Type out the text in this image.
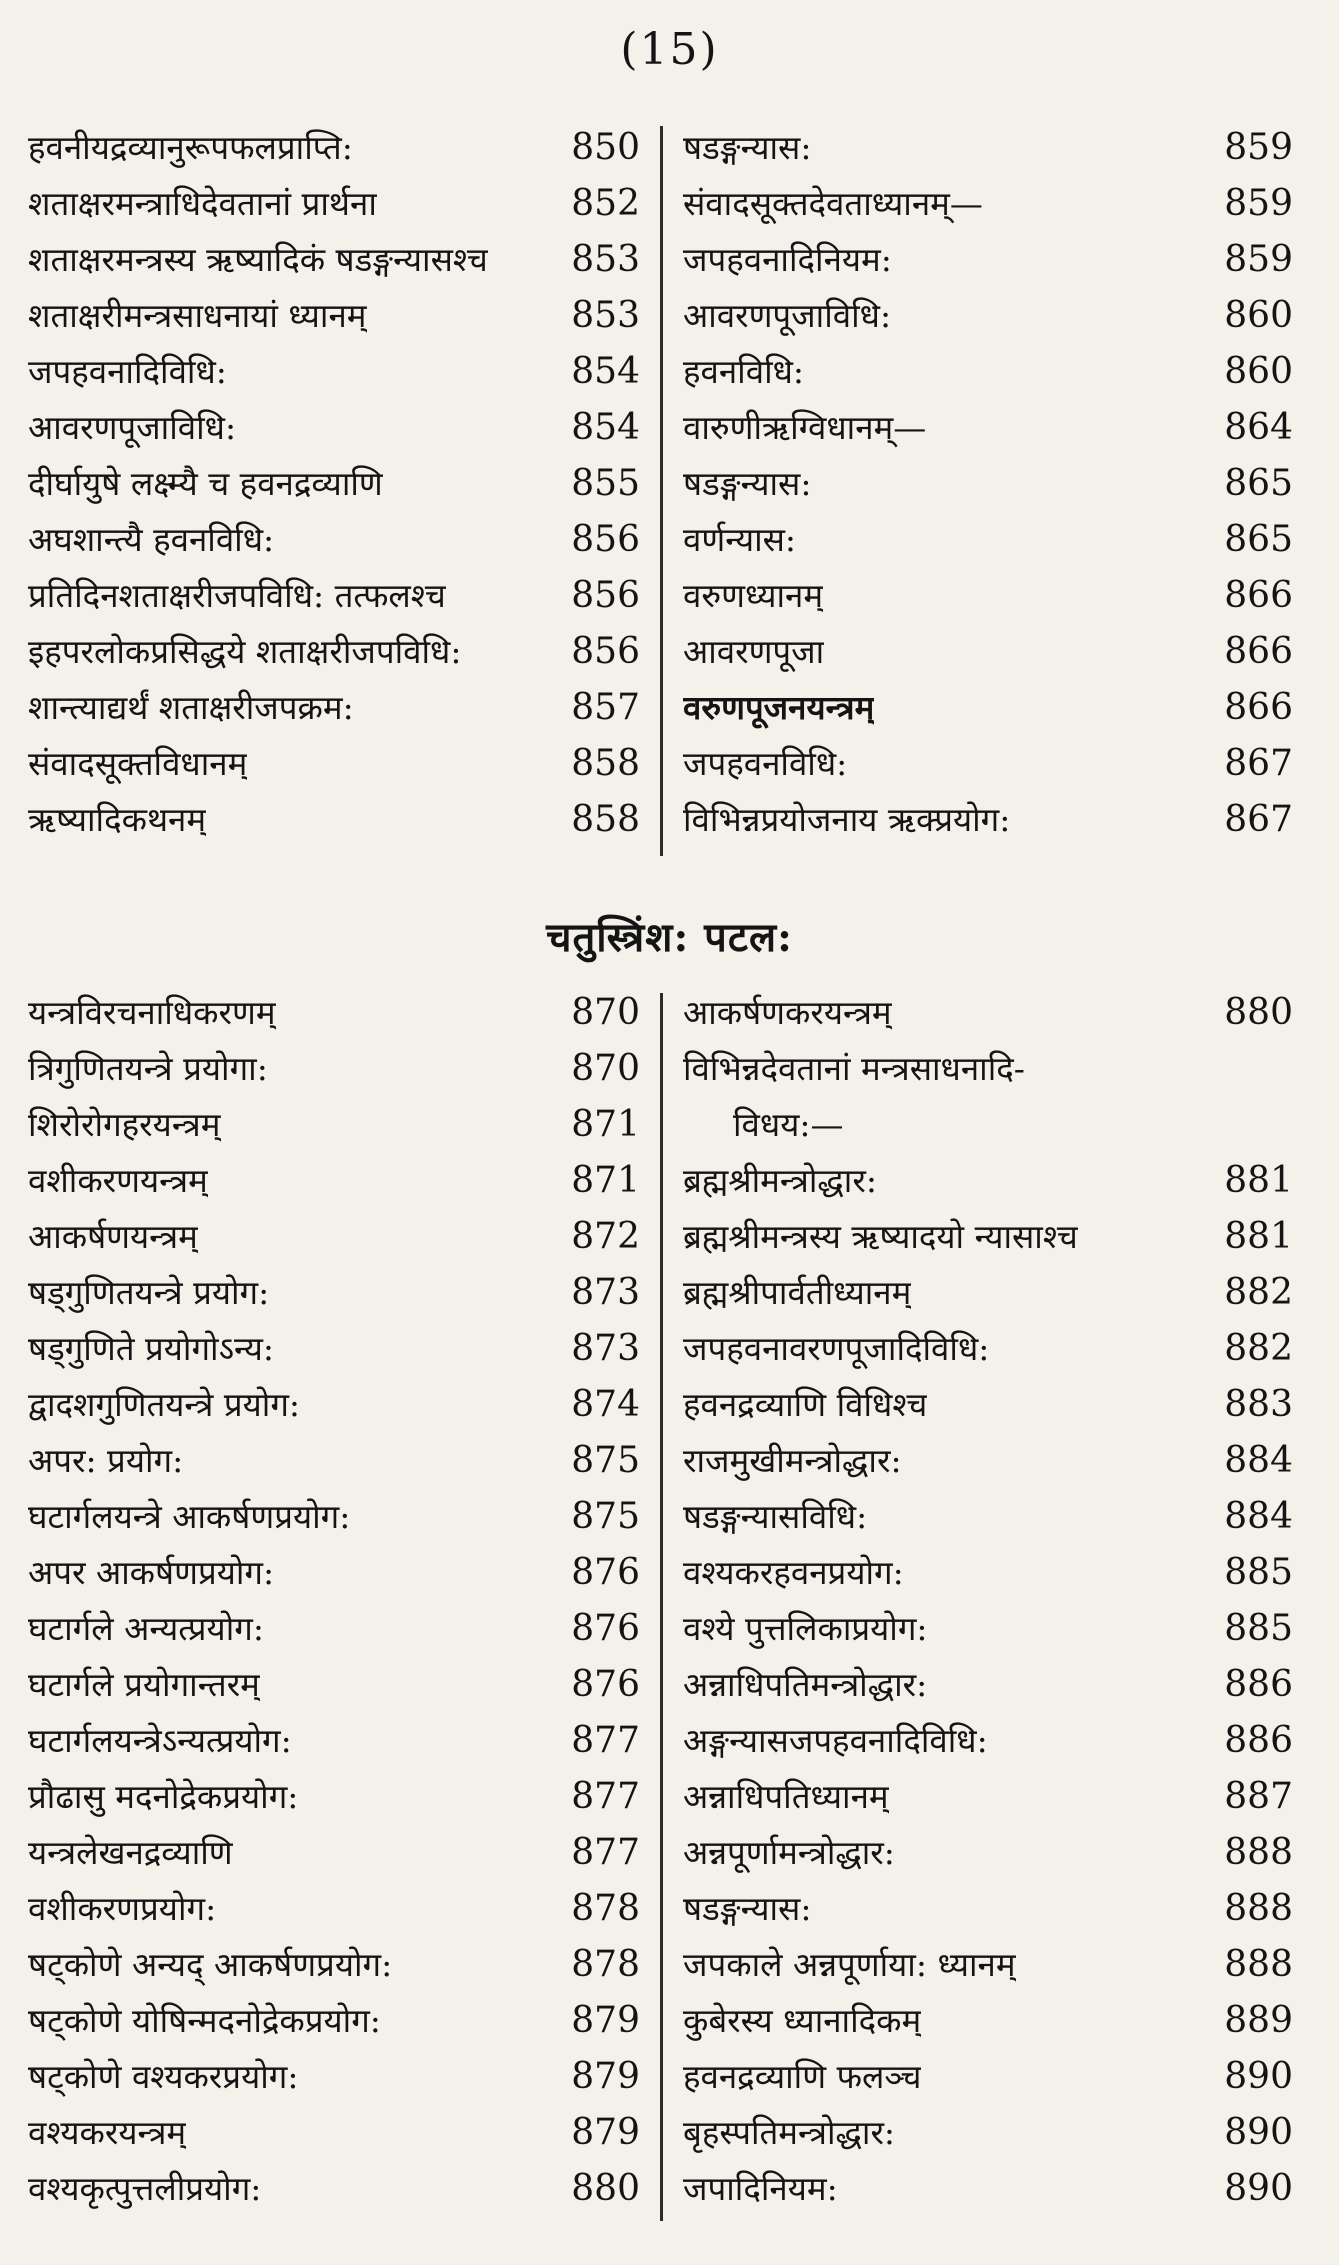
(15)
हवनीयद्रव्यानुरूपफलप्राप्ति:	850
शताक्षरमन्त्राधिदेवतानां प्रार्थना	852
शताक्षरमन्त्रस्य ऋष्यादिकं षडङ्गन्यासश्च 853
शताक्षरीमन्त्रसाधनायां ध्यानम्	853
जपहवनादिविधि:	854
आवरणपूजाविधि:	854
दीर्घायुषे लक्ष्म्यै च हवनद्रव्याणि	855
अघशान्त्यै हवनविधि:	856
प्रतिदिनशताक्षरीजपविधि: तत्फलश्च	856
इहपरलोकप्रसिद्धये शताक्षरीजपविधि:	856
शान्त्याद्यर्थं शताक्षरीजपक्रम:	857
संवादसूक्तविधानम्	858
ऋष्यादिकथनम्	858
षडङ्गन्यास:	859
संवादसूक्तदेवताध्यानम्—	859
जपहवनादिनियम:	859
आवरणपूजाविधि:	860
हवनविधि:	860
वारुणीऋग्विधानम्—	864
षडङ्गन्यास:	865
वर्णन्यास:	865
वरुणध्यानम्	866
आवरणपूजा	866
वरुणपूजनयन्त्रम्	866
जपहवनविधि:	867
विभिन्नप्रयोजनाय ऋक्प्रयोग:	867
चतुस्त्रिंश: पटल:
यन्त्रविरचनाधिकरणम्	870
त्रिगुणितयन्त्रे प्रयोगा:	870
शिरोरोगहरयन्त्रम्	871
वशीकरणयन्त्रम्	871
आकर्षणयन्त्रम्	872
षड्गुणितयन्त्रे प्रयोग:	873
षड्गुणिते प्रयोगोऽन्य:	873
द्वादशगुणितयन्त्रे प्रयोग:	874
अपर: प्रयोग:	875
घटार्गलयन्त्रे आकर्षणप्रयोग:	875
अपर आकर्षणप्रयोग:	876
घटार्गले अन्यत्प्रयोग:	876
घटार्गले प्रयोगान्तरम्	876
घटार्गलयन्त्रेऽन्यत्प्रयोग:	877
प्रौढासु मदनोद्रेकप्रयोग:	877
यन्त्रलेखनद्रव्याणि	877
वशीकरणप्रयोग:	878
षट्कोणे अन्यद् आकर्षणप्रयोग:	878
षट्कोणे योषिन्मदनोद्रेकप्रयोग:	879
षट्कोणे वश्यकरप्रयोग:	879
वश्यकरयन्त्रम्	879
वश्यकृत्पुत्तलीप्रयोग:	880
आकर्षणकरयन्त्रम्	880
विभिन्नदेवतानां मन्त्रसाधनादि-
विधय:—
ब्रह्मश्रीमन्त्रोद्धार:	881
ब्रह्मश्रीमन्त्रस्य ऋष्यादयो न्यासाश्च	881
ब्रह्मश्रीपार्वतीध्यानम्	882
जपहवनावरणपूजादिविधि:	882
हवनद्रव्याणि विधिश्च	883
राजमुखीमन्त्रोद्धार:	884
षडङ्गन्यासविधि:	884
वश्यकरहवनप्रयोग:	885
वश्ये पुत्तलिकाप्रयोग:	885
अन्नाधिपतिमन्त्रोद्धार:	886
अङ्गन्यासजपहवनादिविधि:	886
अन्नाधिपतिध्यानम्	887
अन्नपूर्णामन्त्रोद्धार:	888
षडङ्गन्यास:	888
जपकाले अन्नपूर्णाया: ध्यानम्	888
कुबेरस्य ध्यानादिकम्	889
हवनद्रव्याणि फलञ्च	890
बृहस्पतिमन्त्रोद्धार:	890
जपादिनियम:	890
